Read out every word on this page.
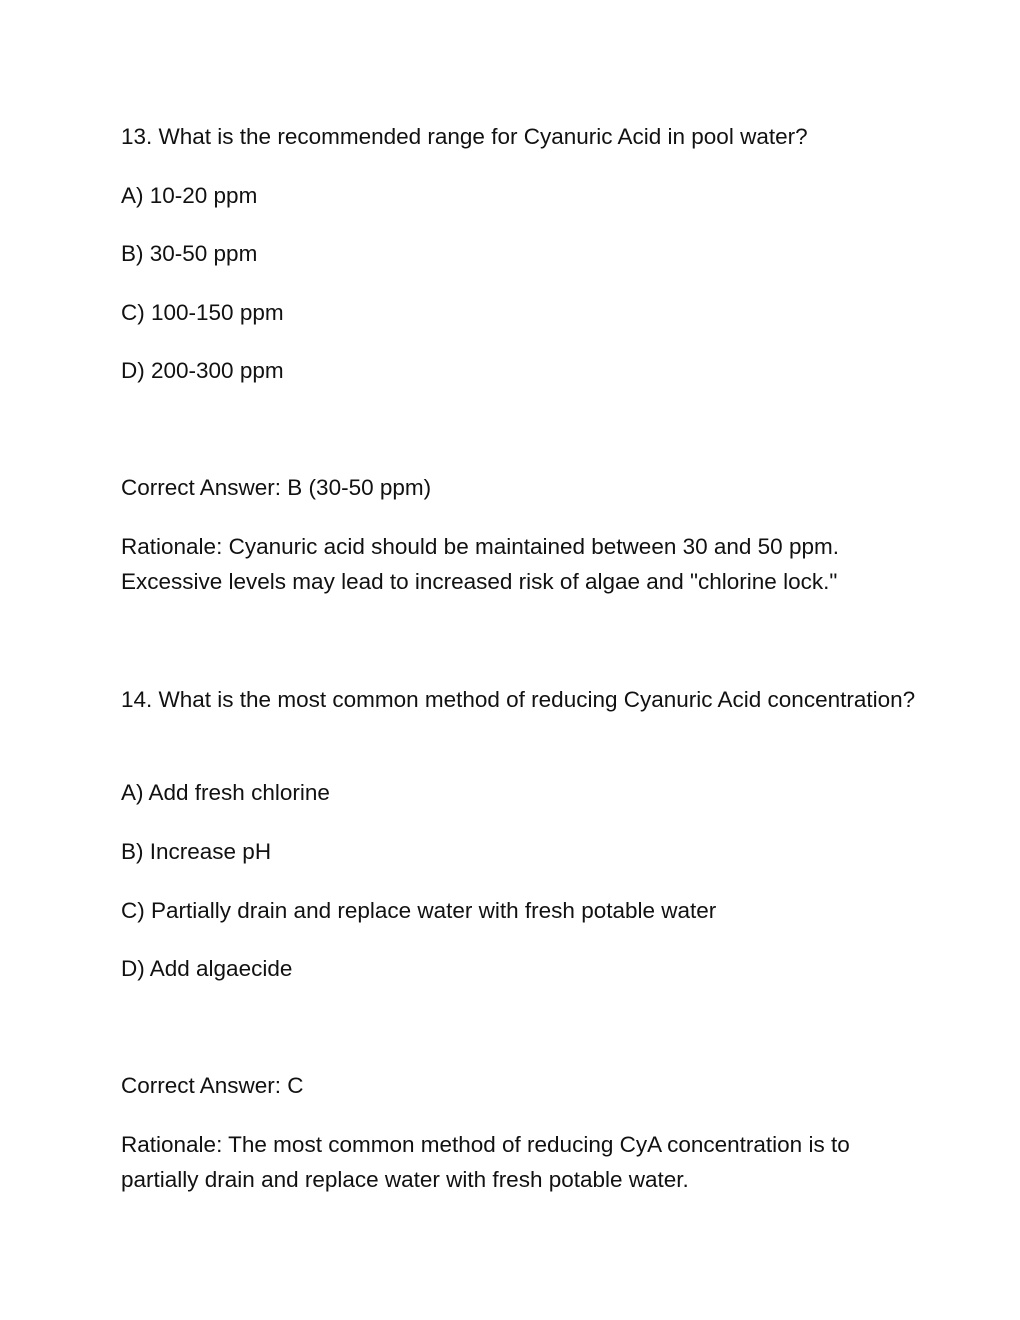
13. What is the recommended range for Cyanuric Acid in pool water?
A) 10-20 ppm
B) 30-50 ppm
C) 100-150 ppm
D) 200-300 ppm
Correct Answer: B (30-50 ppm)
Rationale: Cyanuric acid should be maintained between 30 and 50 ppm. Excessive levels may lead to increased risk of algae and "chlorine lock."
14. What is the most common method of reducing Cyanuric Acid concentration?
A) Add fresh chlorine
B) Increase pH
C) Partially drain and replace water with fresh potable water
D) Add algaecide
Correct Answer: C
Rationale: The most common method of reducing CyA concentration is to partially drain and replace water with fresh potable water.
